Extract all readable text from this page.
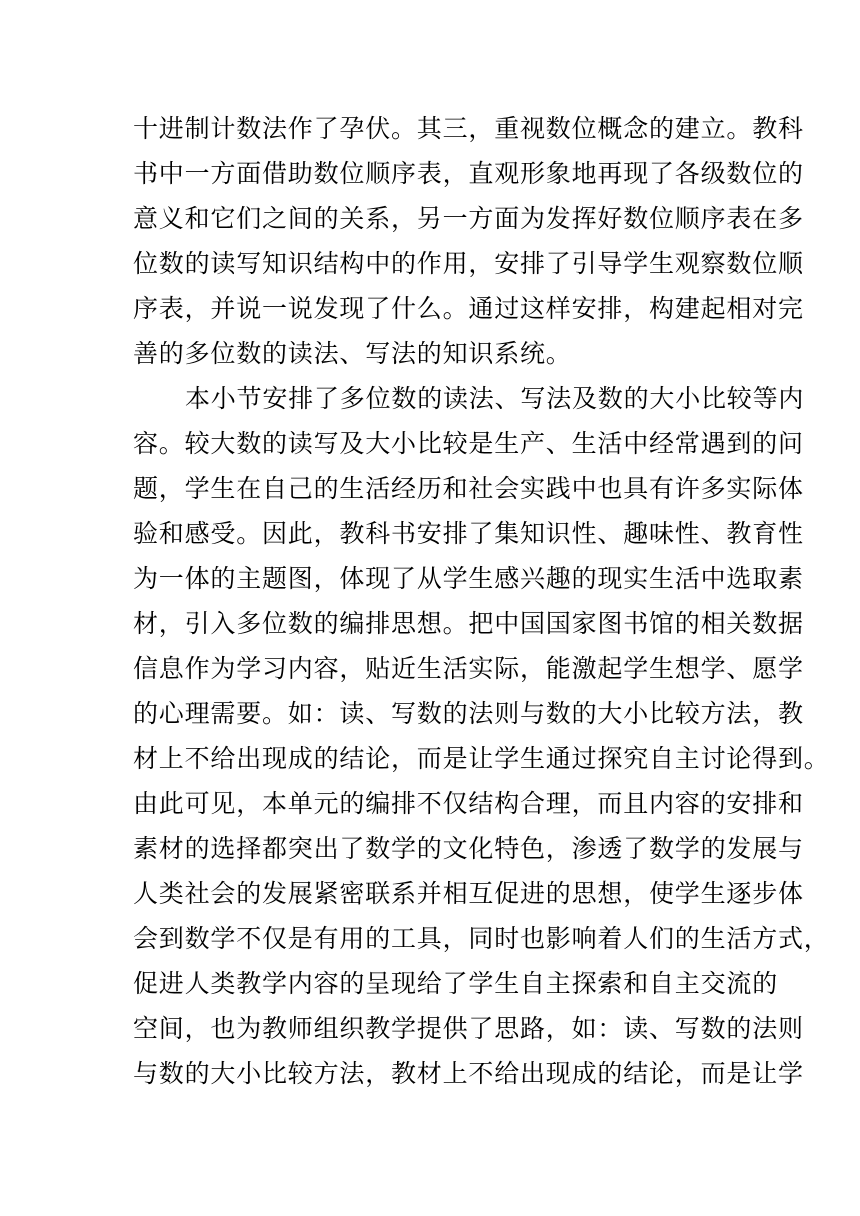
十进制计数法作了孕伏。其三，重视数位概念的建立。教科
书中一方面借助数位顺序表，直观形象地再现了各级数位的
意义和它们之间的关系，另一方面为发挥好数位顺序表在多
位数的读写知识结构中的作用，安排了引导学生观察数位顺
序表，并说一说发现了什么。通过这样安排，构建起相对完
善的多位数的读法、写法的知识系统。
本小节安排了多位数的读法、写法及数的大小比较等内
容。较大数的读写及大小比较是生产、生活中经常遇到的问
题，学生在自己的生活经历和社会实践中也具有许多实际体
验和感受。因此，教科书安排了集知识性、趣味性、教育性
为一体的主题图，体现了从学生感兴趣的现实生活中选取素
材，引入多位数的编排思想。把中国国家图书馆的相关数据
信息作为学习内容，贴近生活实际，能激起学生想学、愿学
的心理需要。如：读、写数的法则与数的大小比较方法，教
材上不给出现成的结论，而是让学生通过探究自主讨论得到。
由此可见，本单元的编排不仅结构合理，而且内容的安排和
素材的选择都突出了数学的文化特色，渗透了数学的发展与
人类社会的发展紧密联系并相互促进的思想，使学生逐步体
会到数学不仅是有用的工具，同时也影响着人们的生活方式，
促进人类教学内容的呈现给了学生自主探索和自主交流的
空间，也为教师组织教学提供了思路，如：读、写数的法则
与数的大小比较方法，教材上不给出现成的结论，而是让学
